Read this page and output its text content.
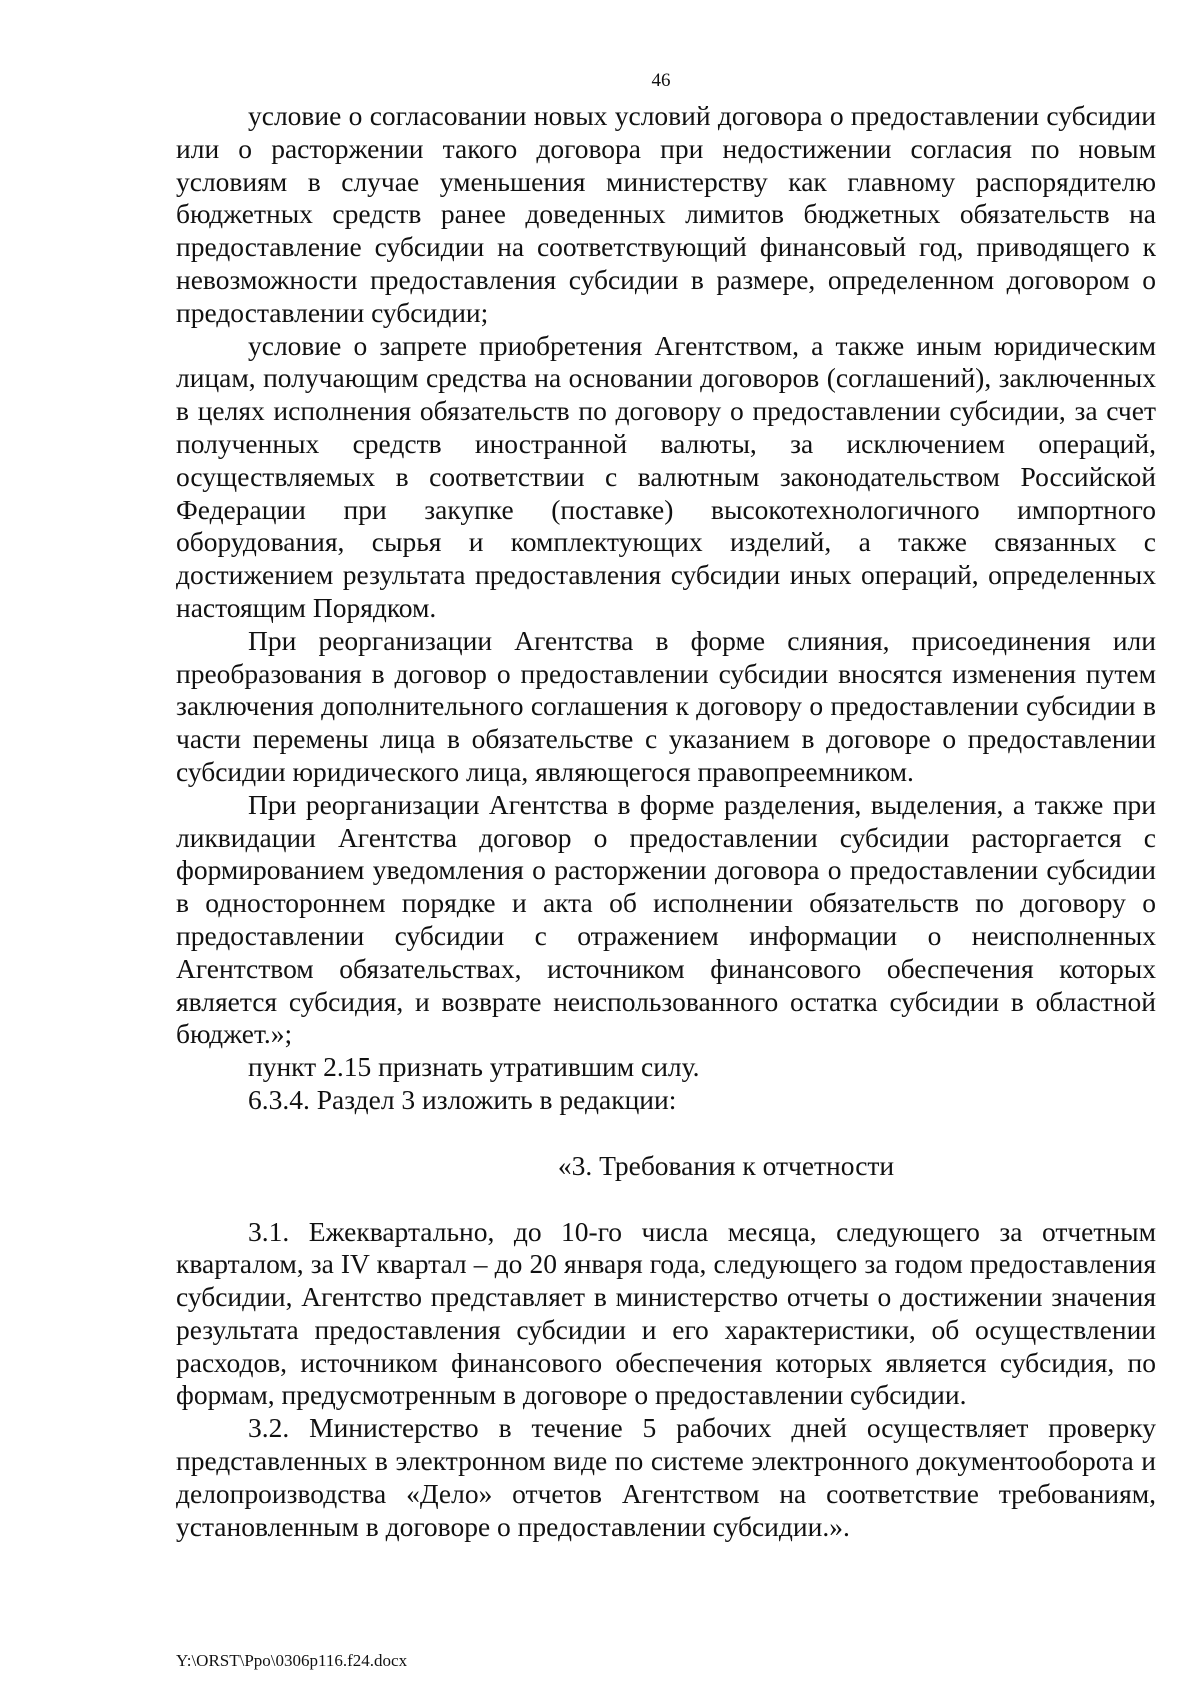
46

условие о согласовании новых условий договора о предоставлении субсидии или о расторжении такого договора при недостижении согласия по новым условиям в случае уменьшения министерству как главному распорядителю бюджетных средств ранее доведенных лимитов бюджетных обязательств на предоставление субсидии на соответствующий финансовый год, приводящего к невозможности предоставления субсидии в размере, определенном договором о предоставлении субсидии;

условие о запрете приобретения Агентством, а также иным юридическим лицам, получающим средства на основании договоров (соглашений), заключенных в целях исполнения обязательств по договору о предоставлении субсидии, за счет полученных средств иностранной валюты, за исключением операций, осуществляемых в соответствии с валютным законодательством Российской Федерации при закупке (поставке) высокотехнологичного импортного оборудования, сырья и комплектующих изделий, а также связанных с достижением результата предоставления субсидии иных операций, определенных настоящим Порядком.

При реорганизации Агентства в форме слияния, присоединения или преобразования в договор о предоставлении субсидии вносятся изменения путем заключения дополнительного соглашения к договору о предоставлении субсидии в части перемены лица в обязательстве с указанием в договоре о предоставлении субсидии юридического лица, являющегося правопреемником.

При реорганизации Агентства в форме разделения, выделения, а также при ликвидации Агентства договор о предоставлении субсидии расторгается с формированием уведомления о расторжении договора о предоставлении субсидии в одностороннем порядке и акта об исполнении обязательств по договору о предоставлении субсидии с отражением информации о неисполненных Агентством обязательствах, источником финансового обеспечения которых является субсидия, и возврате неиспользованного остатка субсидии в областной бюджет.»;

пункт 2.15 признать утратившим силу.

6.3.4. Раздел 3 изложить в редакции:

«3. Требования к отчетности

3.1. Ежеквартально, до 10-го числа месяца, следующего за отчетным кварталом, за IV квартал – до 20 января года, следующего за годом предоставления субсидии, Агентство представляет в министерство отчеты о достижении значения результата предоставления субсидии и его характеристики, об осуществлении расходов, источником финансового обеспечения которых является субсидия, по формам, предусмотренным в договоре о предоставлении субсидии.

3.2. Министерство в течение 5 рабочих дней осуществляет проверку представленных в электронном виде по системе электронного документооборота и делопроизводства «Дело» отчетов Агентством на соответствие требованиям, установленным в договоре о предоставлении субсидии.».

Y:\ORST\Ppo\0306p116.f24.docx
